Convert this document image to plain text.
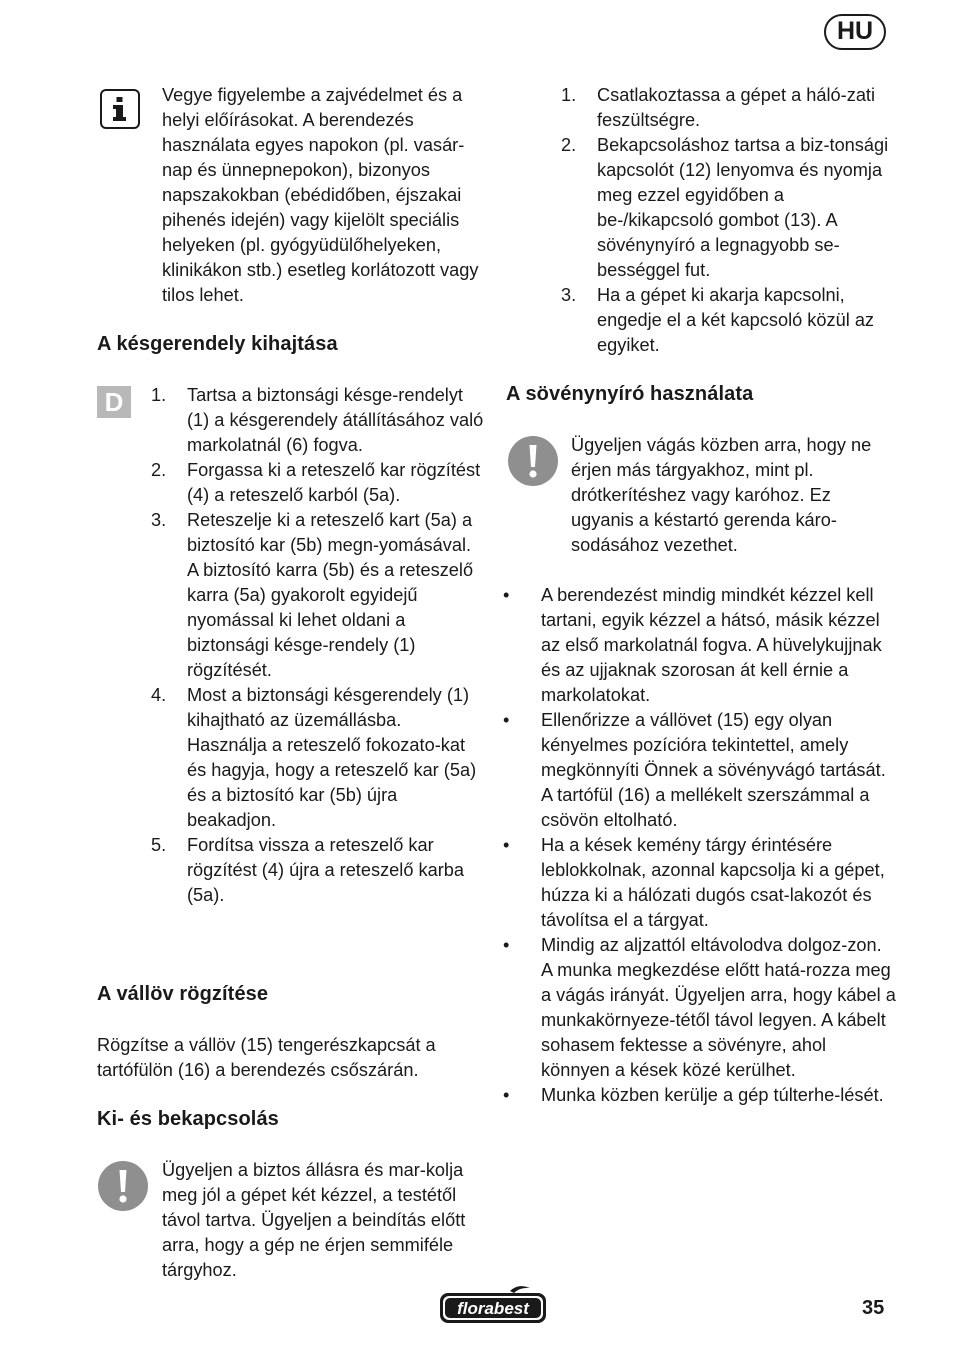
HU

Vegye figyelembe a zajvédelmet és a helyi előírásokat. A berendezés használata egyes napokon (pl. vasár-nap és ünnepnepokon), bizonyos napszakokban (ebédidőben, éjszakai pihenés idején) vagy kijelölt speciális helyeken (pl. gyógyüdülőhelyeken, klinikákon stb.) esetleg korlátozott vagy tilos lehet.

A késgerendely kihajtása
D	1. Tartsa a biztonsági késge-rendelyt (1) a késgerendely átállításához való markolatnál (6) fogva.
2. Forgassa ki a reteszelő kar rögzítést (4) a reteszelő karból (5a).
3. Reteszelje ki a reteszelő kart (5a) a biztosító kar (5b) megn-yomásával. A biztosító karra (5b) és a reteszelő karra (5a) gyakorolt egyidejű nyomással ki lehet oldani a biztonsági késge-rendely (1) rögzítését.
4. Most a biztonsági késgerendely (1) kihajtható az üzemállásba. Használja a reteszelő fokozato-kat és hagyja, hogy a reteszelő kar (5a) és a biztosító kar (5b) újra beakadjon.
5. Fordítsa vissza a reteszelő kar rögzítést (4) újra a reteszelő karba (5a).
A vállöv rögzítése

Rögzítse a vállöv (15) tengerészkapcsát a tartófülön (16) a berendezés csőszárán.

Ki- és bekapcsolás

Ügyeljen a biztos állásra és mar-kolja meg jól a gépet két kézzel, a testétől távol tartva. Ügyeljen a beindítás előtt arra, hogy a gép ne érjen semmiféle tárgyhoz.

1. Csatlakoztassa a gépet a háló-zati feszültségre.
2. Bekapcsoláshoz tartsa a biz-tonsági kapcsolót (12) lenyomva és nyomja meg ezzel egyidőben a be-/kikapcsoló gombot (13). A sövénynyíró a legnagyobb se-bességgel fut.
3. Ha a gépet ki akarja kapcsolni, engedje el a két kapcsoló közül az egyiket.
A sövénynyíró használata

Ügyeljen vágás közben arra, hogy ne érjen más tárgyakhoz, mint pl. drótkerítéshez vagy karóhoz. Ez ugyanis a késtartó gerenda káro-sodásához vezethet.

• A berendezést mindig mindkét kézzel kell tartani, egyik kézzel a hátsó, másik kézzel az első markolatnál fogva. A hüvelykujjnak és az ujjaknak szorosan át kell érnie a markolatokat.
• Ellenőrizze a vállövet (15) egy olyan kényelmes pozícióra tekintettel, amely megkönnyíti Önnek a sövényvágó tartását. A tartófül (16) a mellékelt szerszámmal a csövön eltolható.
• Ha a kések kemény tárgy érintésére leblokkolnak, azonnal kapcsolja ki a gépet, húzza ki a hálózati dugós csat-lakozót és távolítsa el a tárgyat.
• Mindig az aljzattól eltávolodva dolgoz-zon. A munka megkezdése előtt hatá-rozza meg a vágás irányát. Ügyeljen arra, hogy kábel a munkakörnyeze-tétől távol legyen. A kábelt sohasem fektesse a sövényre, ahol könnyen a kések közé kerülhet.
• Munka közben kerülje a gép túlterhe-lését.
florabest	35
